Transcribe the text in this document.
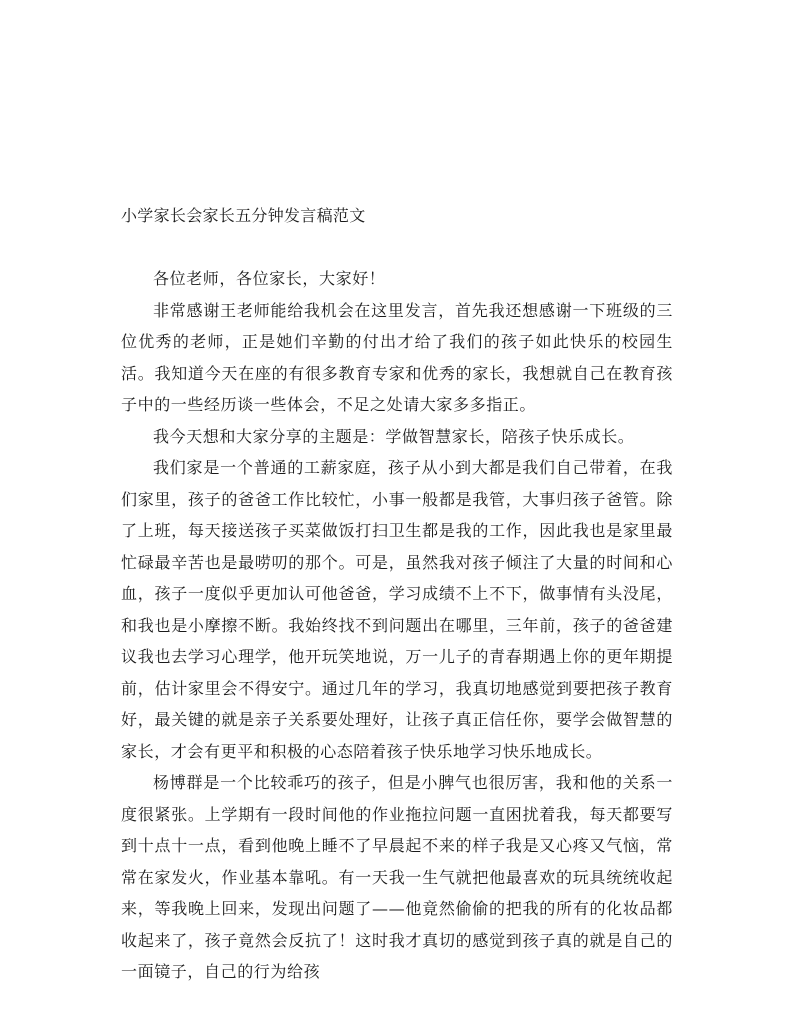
小学家长会家长五分钟发言稿范文

各位老师，各位家长，大家好！

非常感谢王老师能给我机会在这里发言，首先我还想感谢一下班级的三位优秀的老师，正是她们辛勤的付出才给了我们的孩子如此快乐的校园生活。我知道今天在座的有很多教育专家和优秀的家长，我想就自己在教育孩子中的一些经历谈一些体会，不足之处请大家多多指正。

我今天想和大家分享的主题是：学做智慧家长，陪孩子快乐成长。

我们家是一个普通的工薪家庭，孩子从小到大都是我们自己带着，在我们家里，孩子的爸爸工作比较忙，小事一般都是我管，大事归孩子爸管。除了上班，每天接送孩子买菜做饭打扫卫生都是我的工作，因此我也是家里最忙碌最辛苦也是最唠叨的那个。可是，虽然我对孩子倾注了大量的时间和心血，孩子一度似乎更加认可他爸爸，学习成绩不上不下，做事情有头没尾，和我也是小摩擦不断。我始终找不到问题出在哪里，三年前，孩子的爸爸建议我也去学习心理学，他开玩笑地说，万一儿子的青春期遇上你的更年期提前，估计家里会不得安宁。通过几年的学习，我真切地感觉到要把孩子教育好，最关键的就是亲子关系要处理好，让孩子真正信任你，要学会做智慧的家长，才会有更平和积极的心态陪着孩子快乐地学习快乐地成长。

杨博群是一个比较乖巧的孩子，但是小脾气也很厉害，我和他的关系一度很紧张。上学期有一段时间他的作业拖拉问题一直困扰着我，每天都要写到十点十一点，看到他晚上睡不了早晨起不来的样子我是又心疼又气恼，常常在家发火，作业基本靠吼。有一天我一生气就把他最喜欢的玩具统统收起来，等我晚上回来，发现出问题了——他竟然偷偷的把我的所有的化妆品都收起来了，孩子竟然会反抗了！这时我才真切的感觉到孩子真的就是自己的一面镜子，自己的行为给孩
